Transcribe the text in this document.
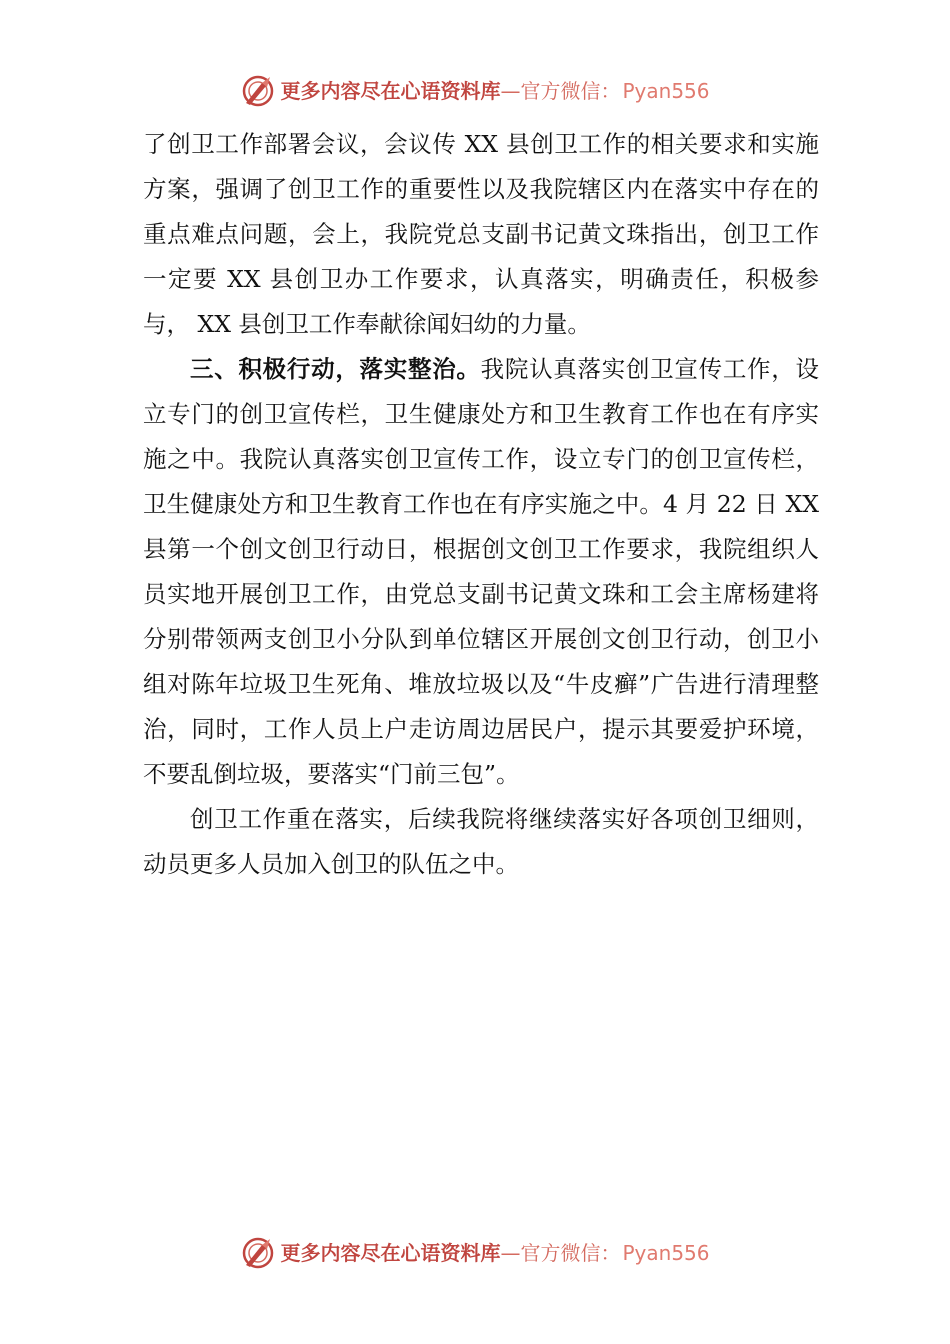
更多内容尽在心语资料库 — 官方微信： Pyan556

了创卫工作部署会议，会议传 XX 县创卫工作的相关要求和实施方案，强调了创卫工作的重要性以及我院辖区内在落实中存在的重点难点问题，会上，我院党总支副书记黄文珠指出，创卫工作一定要 XX 县创卫办工作要求，认真落实，明确责任，积极参与， XX 县创卫工作奉献徐闻妇幼的力量。

三、积极行动，落实整治。我院认真落实创卫宣传工作，设立专门的创卫宣传栏，卫生健康处方和卫生教育工作也在有序实施之中。我院认真落实创卫宣传工作，设立专门的创卫宣传栏， 卫生健康处方和卫生教育工作也在有序实施之中。4 月 22 日 XX 县第一个创文创卫行动日，根据创文创卫工作要求，我院组织人员实地开展创卫工作，由党总支副书记黄文珠和工会主席杨建将分别带领两支创卫小分队到单位辖区开展创文创卫行动，创卫小组对陈年垃圾卫生死角、堆放垃圾以及“牛皮癣”广告进行清理整治，同时，工作人员上户走访周边居民户，提示其要爱护环境，不要乱倒垃圾，要落实“门前三包”。

创卫工作重在落实，后续我院将继续落实好各项创卫细则，动员更多人员加入创卫的队伍之中。

更多内容尽在心语资料库 — 官方微信： Pyan556
